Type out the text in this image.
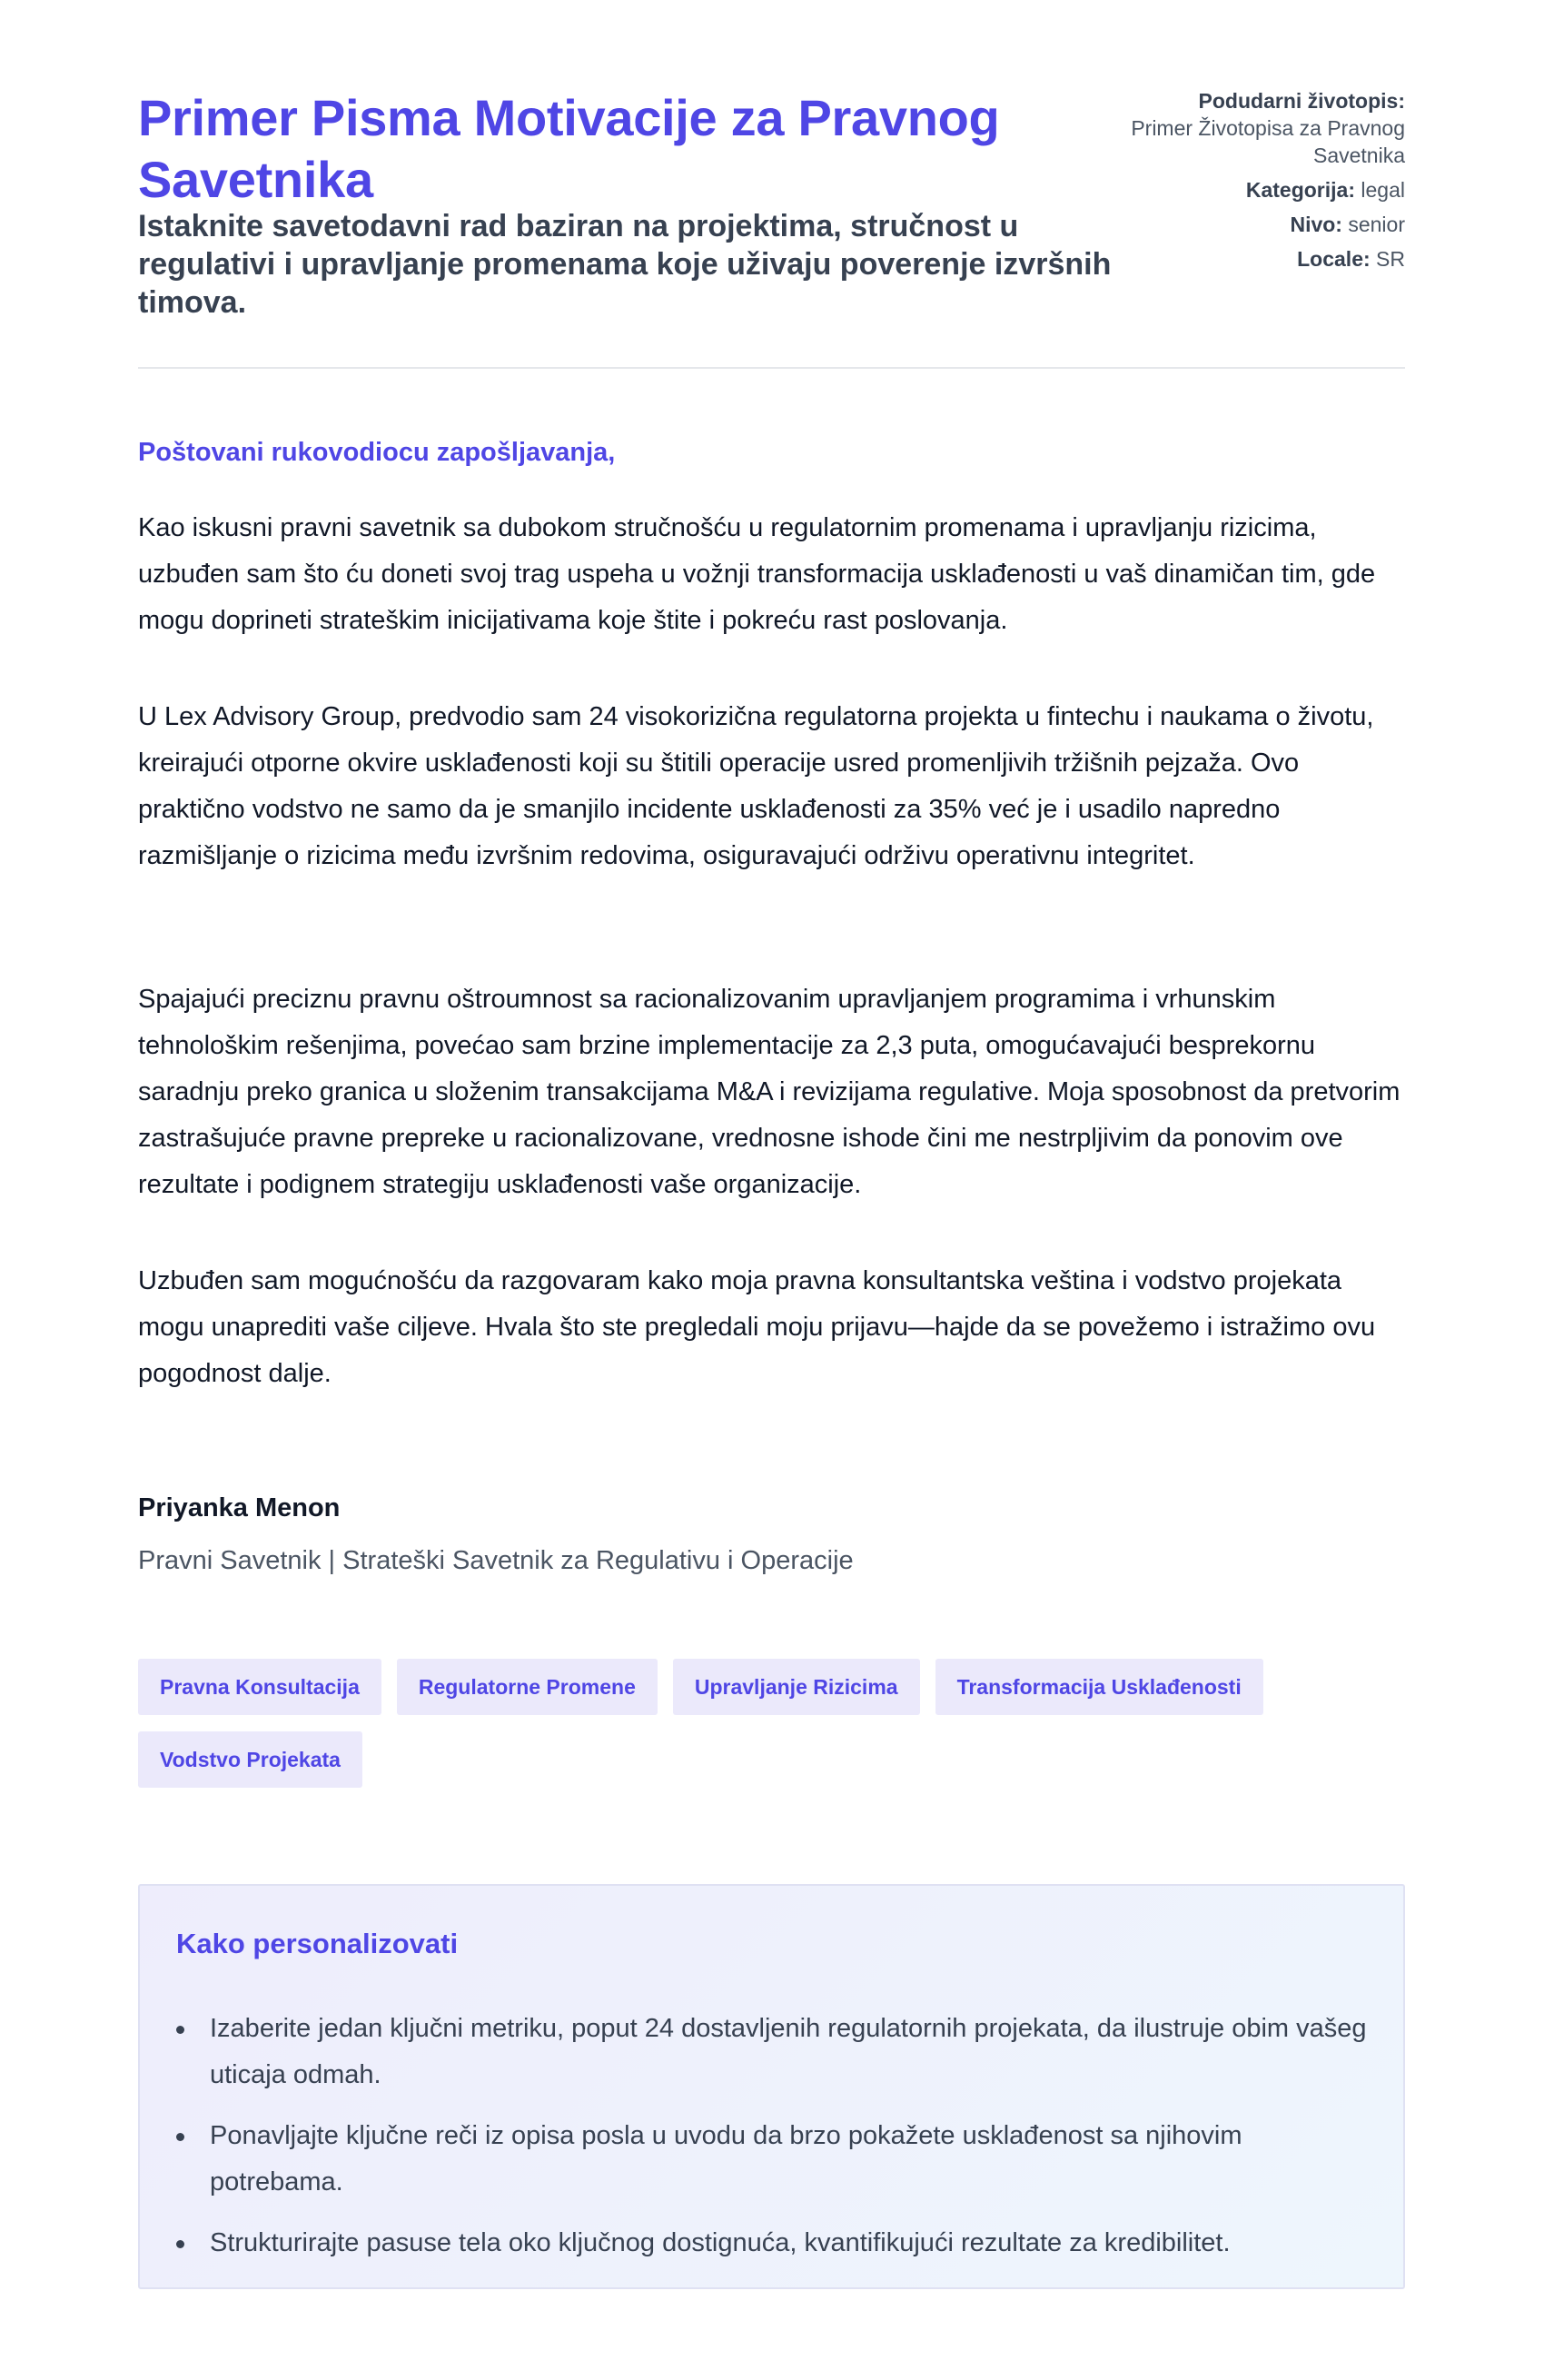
Primer Pisma Motivacije za Pravnog Savetnika

Istaknite savetodavni rad baziran na projektima, stručnost u regulativi i upravljanje promenama koje uživaju poverenje izvršnih timova.

Podudarni životopis:
Primer Životopisa za Pravnog Savetnika
Kategorija: legal
Nivo: senior
Locale: SR

Poštovani rukovodiocu zapošljavanja,

Kao iskusni pravni savetnik sa dubokom stručnošću u regulatornim promenama i upravljanju rizicima, uzbuđen sam što ću doneti svoj trag uspeha u vožnji transformacija usklađenosti u vaš dinamičan tim, gde mogu doprineti strateškim inicijativama koje štite i pokreću rast poslovanja.

U Lex Advisory Group, predvodio sam 24 visokorizična regulatorna projekta u fintechu i naukama o životu, kreirajući otporne okvire usklađenosti koji su štitili operacije usred promenljivih tržišnih pejzaža. Ovo praktično vodstvo ne samo da je smanjilo incidente usklađenosti za 35% već je i usadilo napredno razmišljanje o rizicima među izvršnim redovima, osiguravajući održivu operativnu integritet.

Spajajući preciznu pravnu oštroumnost sa racionalizovanim upravljanjem programima i vrhunskim tehnološkim rešenjima, povećao sam brzine implementacije za 2,3 puta, omogućavajući besprekornu saradnju preko granica u složenim transakcijama M&A i revizijama regulative. Moja sposobnost da pretvorim zastrašujuće pravne prepreke u racionalizovane, vrednosne ishode čini me nestrpljivim da ponovim ove rezultate i podignem strategiju usklađenosti vaše organizacije.

Uzbuđen sam mogućnošću da razgovaram kako moja pravna konsultantska veština i vodstvo projekata mogu unaprediti vaše ciljeve. Hvala što ste pregledali moju prijavu—hajde da se povežemo i istražimo ovu pogodnost dalje.

Priyanka Menon

Pravni Savetnik | Strateški Savetnik za Regulativu i Operacije

Pravna Konsultacija	Regulatorne Promene	Upravljanje Rizicima	Transformacija Usklađenosti
Vodstvo Projekata
Kako personalizovati
Izaberite jedan ključni metriku, poput 24 dostavljenih regulatornih projekata, da ilustruje obim vašeg uticaja odmah.
Ponavljajte ključne reči iz opisa posla u uvodu da brzo pokažete usklađenost sa njihovim potrebama.
Strukturirajte pasuse tela oko ključnog dostignuća, kvantifikujući rezultate za kredibilitet.
